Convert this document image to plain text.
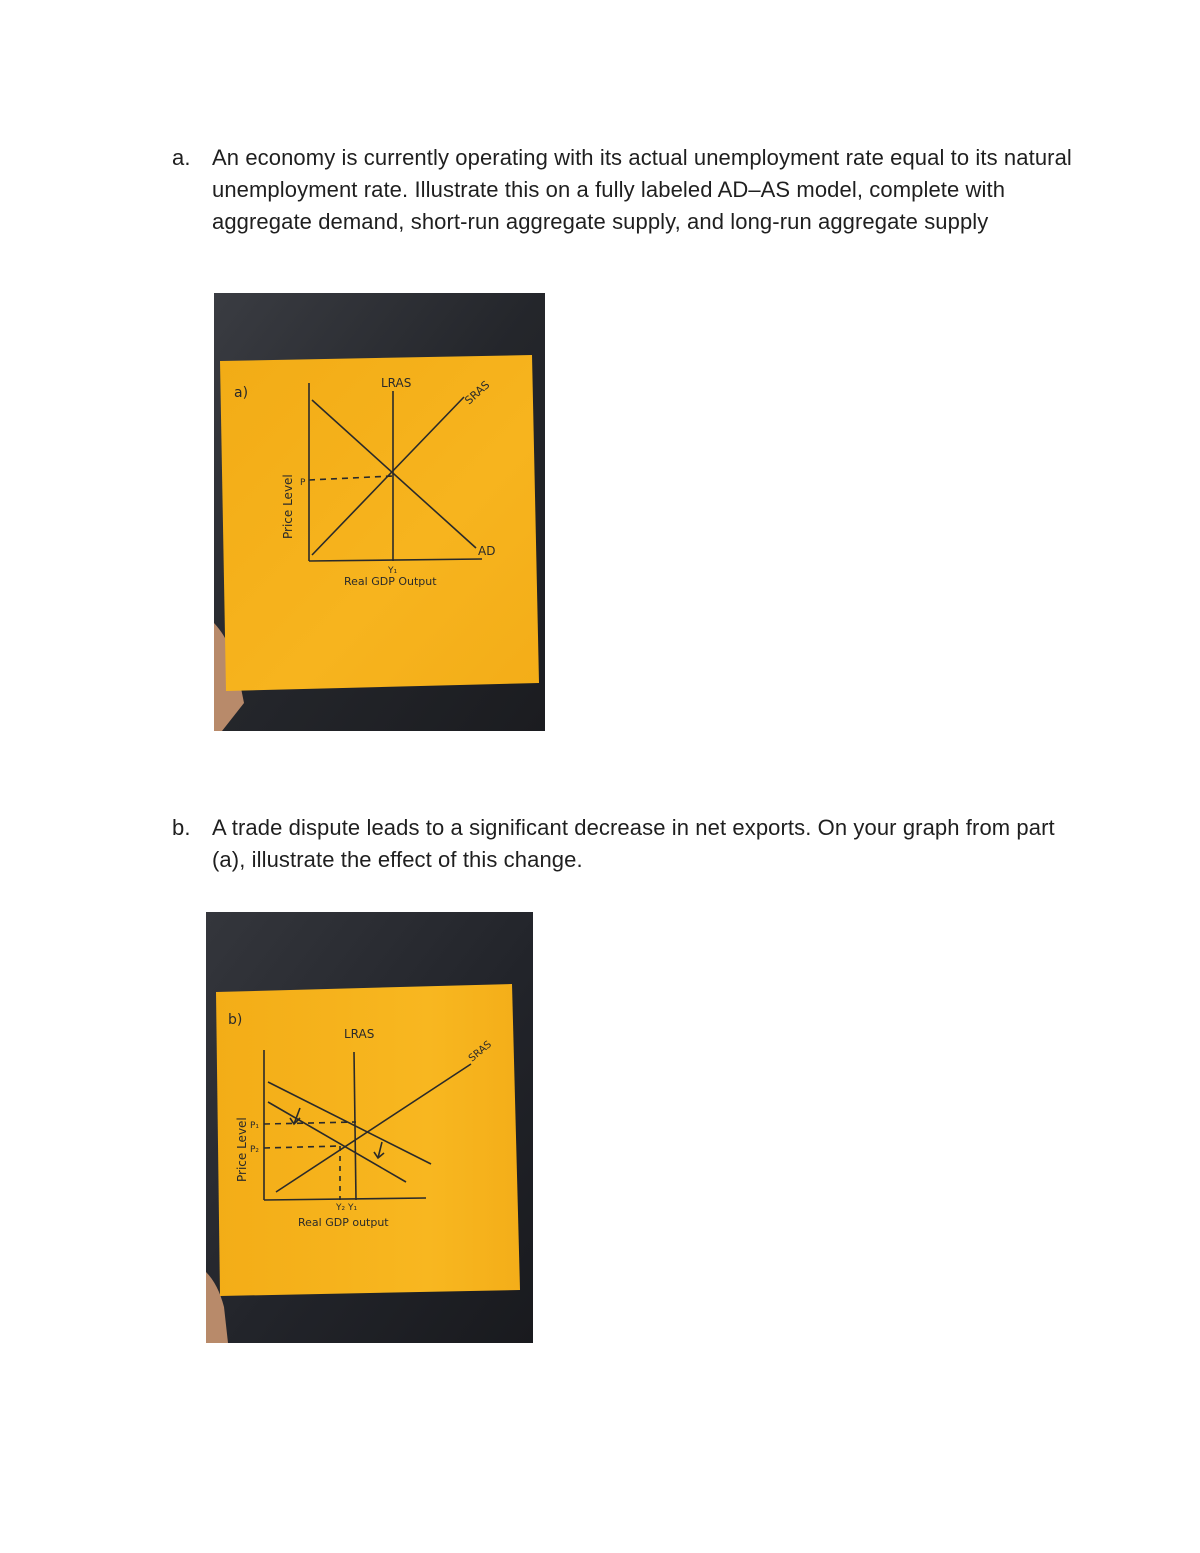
a. An economy is currently operating with its actual unemployment rate equal to its natural unemployment rate. Illustrate this on a fully labeled AD–AS model, complete with aggregate demand, short-run aggregate supply, and long-run aggregate supply
LRAS	SRAS
AD
a)
Price Level
Real GDP Output
P
Y₁
b. A trade dispute leads to a significant decrease in net exports. On your graph from part (a), illustrate the effect of this change.
LRAS
SRAS
b)
Price Level
Real GDP output
P₁
P₂
Y₂ Y₁
